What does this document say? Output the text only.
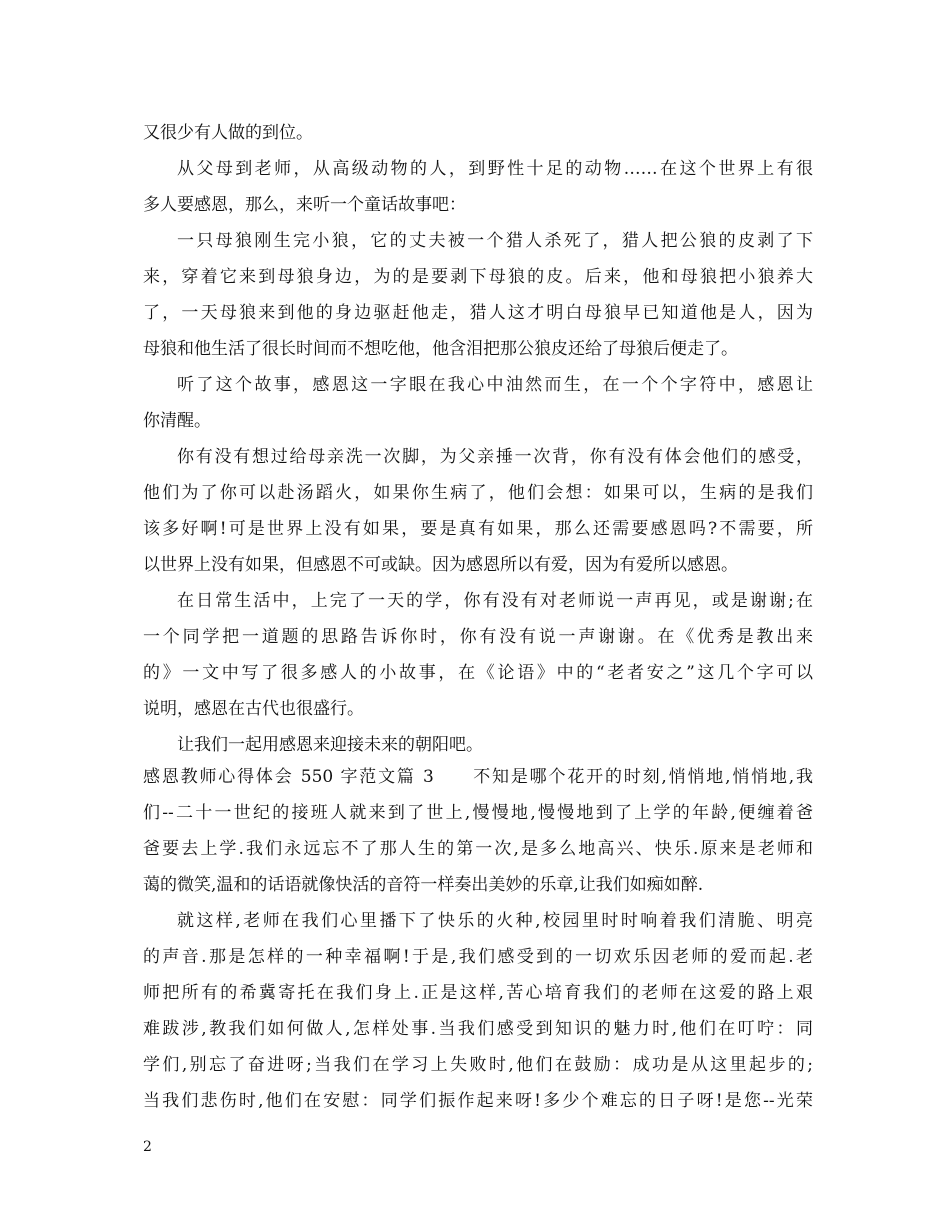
又很少有人做的到位。
从父母到老师，从高级动物的人，到野性十足的动物……在这个世界上有很
多人要感恩，那么，来听一个童话故事吧：
一只母狼刚生完小狼，它的丈夫被一个猎人杀死了，猎人把公狼的皮剥了下
来，穿着它来到母狼身边，为的是要剥下母狼的皮。后来，他和母狼把小狼养大
了，一天母狼来到他的身边驱赶他走，猎人这才明白母狼早已知道他是人，因为
母狼和他生活了很长时间而不想吃他，他含泪把那公狼皮还给了母狼后便走了。
听了这个故事，感恩这一字眼在我心中油然而生，在一个个字符中，感恩让
你清醒。
你有没有想过给母亲洗一次脚，为父亲捶一次背，你有没有体会他们的感受，
他们为了你可以赴汤蹈火，如果你生病了，他们会想：如果可以，生病的是我们
该多好啊!可是世界上没有如果，要是真有如果，那么还需要感恩吗?不需要，所
以世界上没有如果，但感恩不可或缺。因为感恩所以有爱，因为有爱所以感恩。
在日常生活中，上完了一天的学，你有没有对老师说一声再见，或是谢谢;在
一个同学把一道题的思路告诉你时，你有没有说一声谢谢。在《优秀是教出来
的》一文中写了很多感人的小故事，在《论语》中的“老者安之”这几个字可以
说明，感恩在古代也很盛行。
让我们一起用感恩来迎接未来的朝阳吧。
感恩教师心得体会 550 字范文篇 3　　不知是哪个花开的时刻,悄悄地,悄悄地,我
们--二十一世纪的接班人就来到了世上,慢慢地,慢慢地到了上学的年龄,便缠着爸
爸要去上学.我们永远忘不了那人生的第一次,是多么地高兴、快乐.原来是老师和
蔼的微笑,温和的话语就像快活的音符一样奏出美妙的乐章,让我们如痴如醉.
就这样,老师在我们心里播下了快乐的火种,校园里时时响着我们清脆、明亮
的声音.那是怎样的一种幸福啊!于是,我们感受到的一切欢乐因老师的爱而起.老
师把所有的希冀寄托在我们身上.正是这样,苦心培育我们的老师在这爱的路上艰
难跋涉,教我们如何做人,怎样处事.当我们感受到知识的魅力时,他们在叮咛：同
学们,别忘了奋进呀;当我们在学习上失败时,他们在鼓励：成功是从这里起步的;
当我们悲伤时,他们在安慰：同学们振作起来呀!多少个难忘的日子呀!是您--光荣
2
